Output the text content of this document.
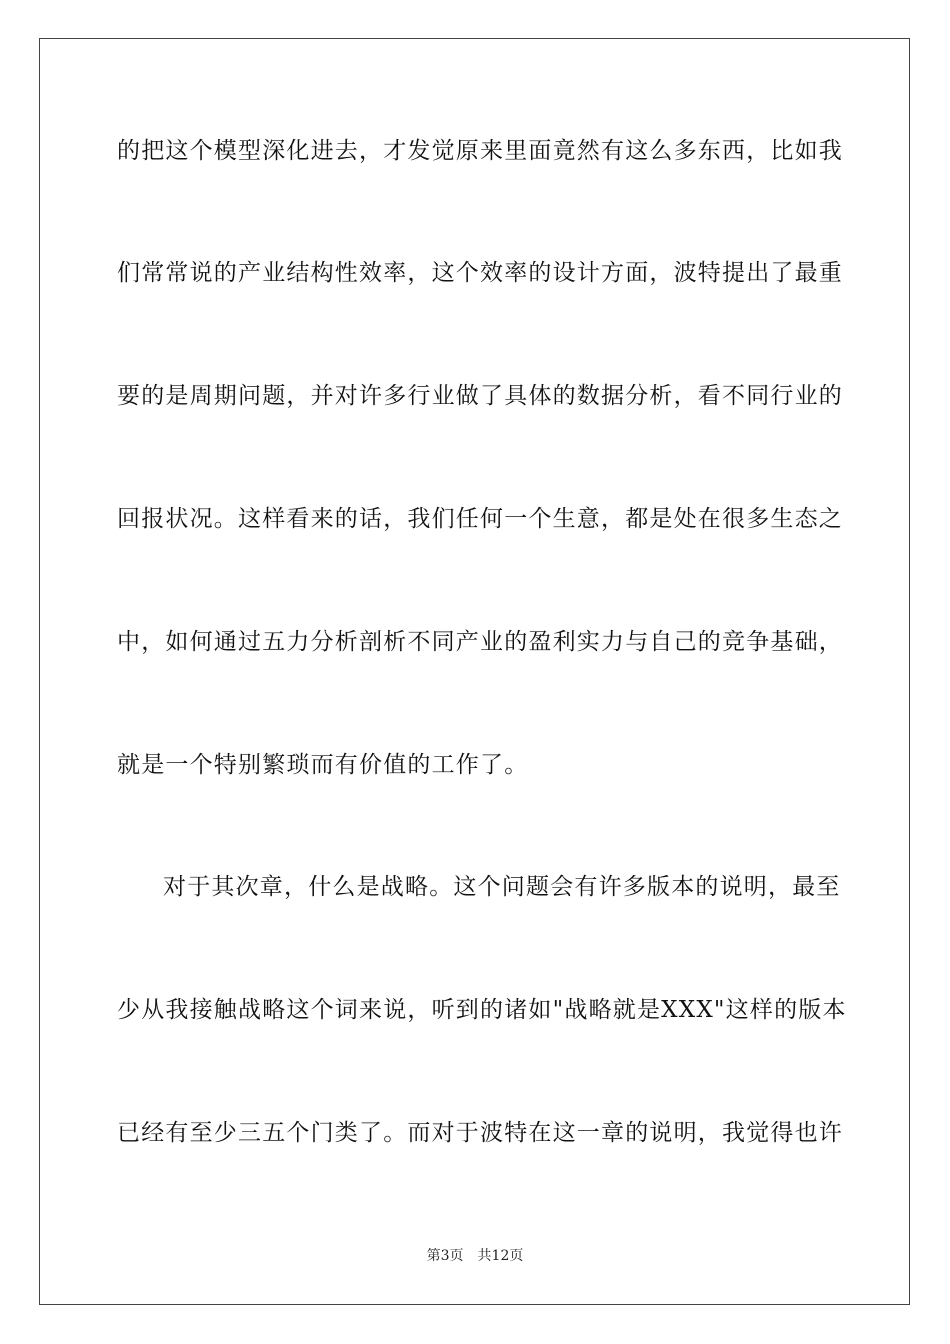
的把这个模型深化进去，才发觉原来里面竟然有这么多东西，比如我
们常常说的产业结构性效率，这个效率的设计方面，波特提出了最重
要的是周期问题，并对许多行业做了具体的数据分析，看不同行业的
回报状况。这样看来的话，我们任何一个生意，都是处在很多生态之
中，如何通过五力分析剖析不同产业的盈利实力与自己的竞争基础，
就是一个特别繁琐而有价值的工作了。
对于其次章，什么是战略。这个问题会有许多版本的说明，最至
少从我接触战略这个词来说，听到的诸如"战略就是XXX"这样的版本
已经有至少三五个门类了。而对于波特在这一章的说明，我觉得也许
第3页 共12页
